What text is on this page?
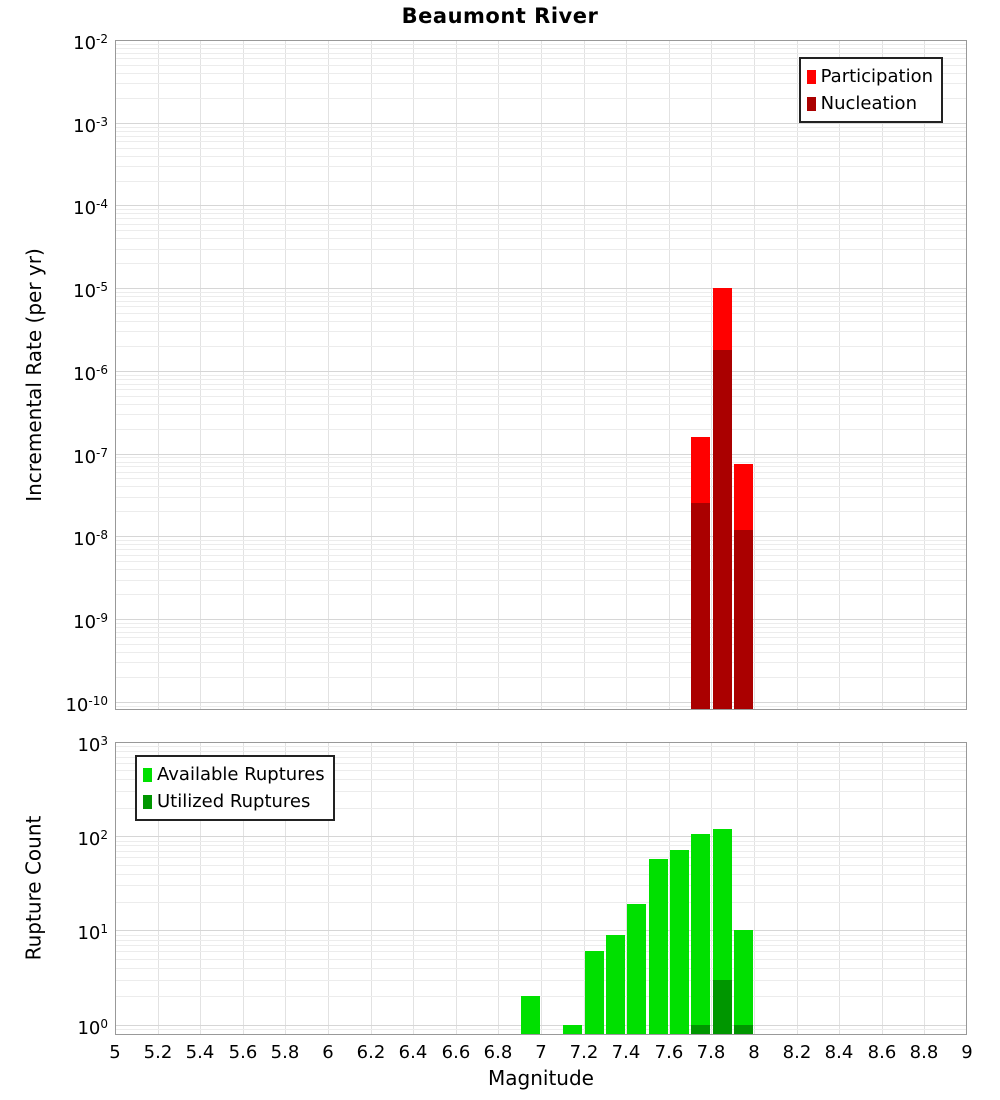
Beaumont River
Incremental Rate (per yr)
Rupture Count
Magnitude
Participation
Nucleation
Available Ruptures
Utilized Ruptures
$10^{-2}$
$10^{-3}$
$10^{-4}$
$10^{-5}$
$10^{-6}$
$10^{-7}$
$10^{-8}$
$10^{-9}$
$10^{-10}$
$10^3$
$10^2$
$10^1$
$10^0$
5	5.2 5.4 5.6 5.8	6	6.2 6.4 6.6 6.8	7	7.2 7.4 7.6 7.8	8	8.2 8.4 8.6 8.8	9
